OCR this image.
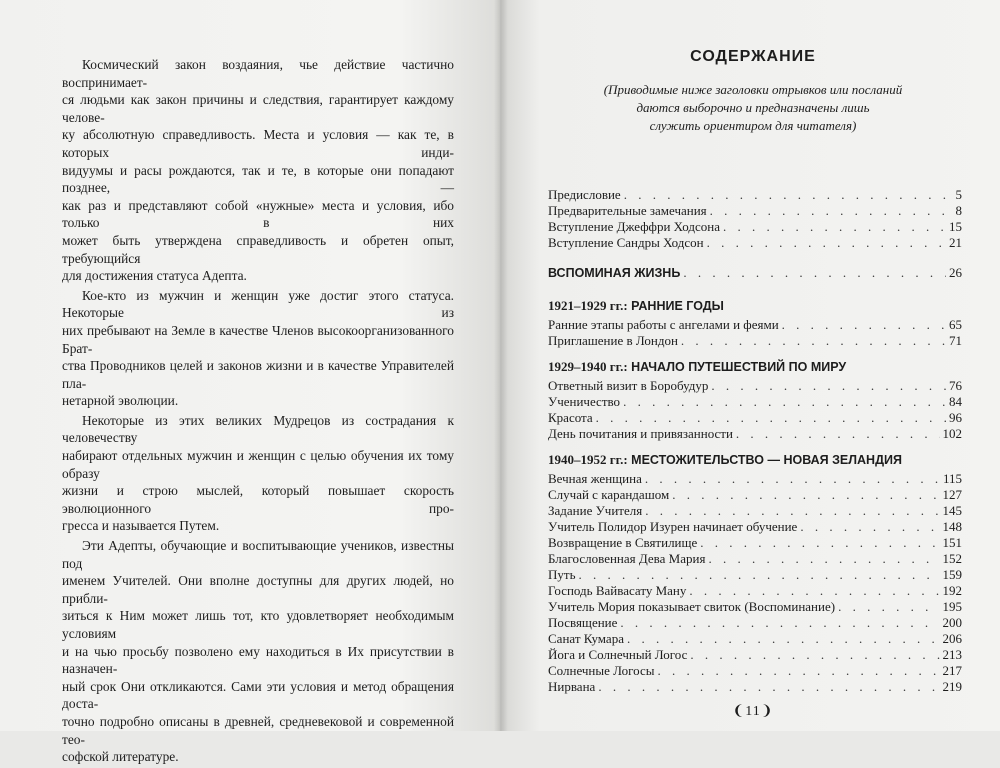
Космический закон воздаяния, чье действие частично воспринимает-
ся людьми как закон причины и следствия, гарантирует каждому челове-
ку абсолютную справедливость. Места и условия — как те, в которых инди-
видуумы и расы рождаются, так и те, в которые они попадают позднее, —
как раз и представляют собой «нужные» места и условия, ибо только в них
может быть утверждена справедливость и обретен опыт, требующийся
для достижения статуса Адепта.

Кое-кто из мужчин и женщин уже достиг этого статуса. Некоторые из
них пребывают на Земле в качестве Членов высокоорганизованного Брат-
ства Проводников целей и законов жизни и в качестве Управителей пла-
нетарной эволюции.

Некоторые из этих великих Мудрецов из сострадания к человечеству
набирают отдельных мужчин и женщин с целью обучения их тому образу
жизни и строю мыслей, который повышает скорость эволюционного про-
гресса и называется Путем.

Эти Адепты, обучающие и воспитывающие учеников, известны под
именем Учителей. Они вполне доступны для других людей, но прибли-
зиться к Ним может лишь тот, кто удовлетворяет необходимым условиям
и на чью просьбу позволено ему находиться в Их присутствии в назначен-
ный срок Они откликаются. Сами эти условия и метод обращения доста-
точно подробно описаны в древней, средневековой и современной тео-
софской литературе.

СОДЕРЖАНИЕ
(Приводимые ниже заголовки отрывков или посланий
даются выборочно и предназначены лишь
служить ориентиром для читателя)
Предисловие . . .	5
Предварительные замечания . . .	8
Вступление Джеффри Ходсона . . .	15
Вступление Сандры Ходсон . . .	21
ВСПОМИНАЯ ЖИЗНЬ . . .	26
1921–1929 гг.: РАННИЕ ГОДЫ
Ранние этапы работы с ангелами и феями . . .	65
Приглашение в Лондон . . .	71
1929–1940 гг.: НАЧАЛО ПУТЕШЕСТВИЙ ПО МИРУ
Ответный визит в Боробудур . . .	76
Ученичество . . .	84
Красота . . .	96
День почитания и привязанности . . .	102
1940–1952 гг.: МЕСТОЖИТЕЛЬСТВО — НОВАЯ ЗЕЛАНДИЯ
Вечная женщина . . .	115
Случай с карандашом . . .	127
Задание Учителя . . .	145
Учитель Полидор Изурен начинает обучение . . .	148
Возвращение в Святилище . . .	151
Благословенная Дева Мария . . .	152
Путь . . .	159
Господь Вайвасату Ману . . .	192
Учитель Мория показывает свиток (Воспоминание) . . .	195
Посвящение . . .	200
Санат Кумара . . .	206
Йога и Солнечный Логос . . .	213
Солнечные Логосы . . .	217
Нирвана . . .	219
❨11❩
